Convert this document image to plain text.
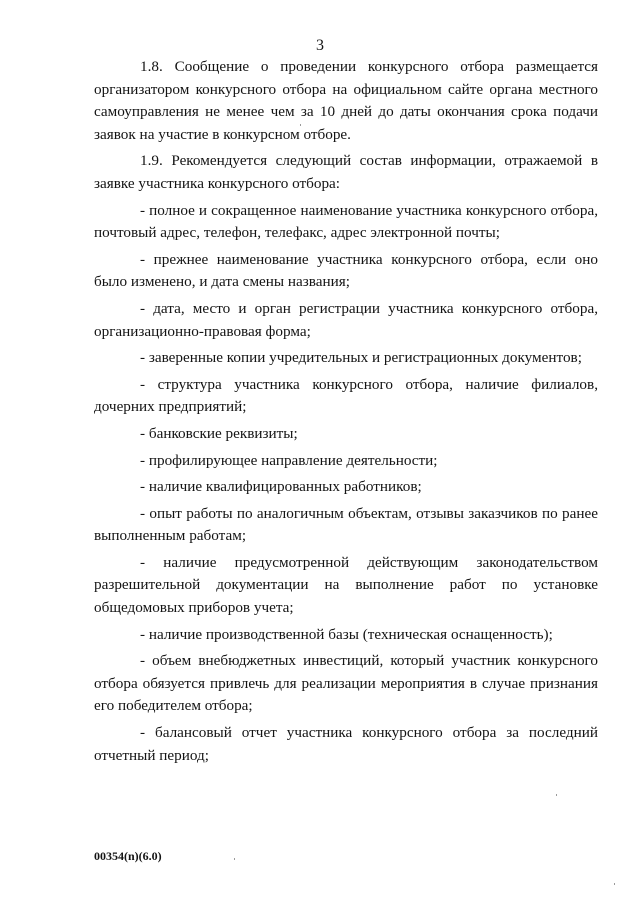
3

1.8. Сообщение о проведении конкурсного отбора размещается организатором конкурсного отбора на официальном сайте органа местного самоуправления не менее чем за 10 дней до даты окончания срока подачи заявок на участие в конкурсном отборе.

1.9. Рекомендуется следующий состав информации, отражаемой в заявке участника конкурсного отбора:

- полное и сокращенное наименование участника конкурсного отбора, почтовый адрес, телефон, телефакс, адрес электронной почты;

- прежнее наименование участника конкурсного отбора, если оно было изменено, и дата смены названия;

- дата, место и орган регистрации участника конкурсного отбора, организационно-правовая форма;

- заверенные копии учредительных и регистрационных документов;

- структура участника конкурсного отбора, наличие филиалов, дочерних предприятий;

- банковские реквизиты;

- профилирующее направление деятельности;

- наличие квалифицированных работников;

- опыт работы по аналогичным объектам, отзывы заказчиков по ранее выполненным работам;

- наличие предусмотренной действующим законодательством разрешительной документации на выполнение работ по установке общедомовых приборов учета;

- наличие производственной базы (техническая оснащенность);

- объем внебюджетных инвестиций, который участник конкурсного отбора обязуется привлечь для реализации мероприятия в случае признания его победителем отбора;

- балансовый отчет участника конкурсного отбора за последний отчетный период;

00354(n)(6.0)
